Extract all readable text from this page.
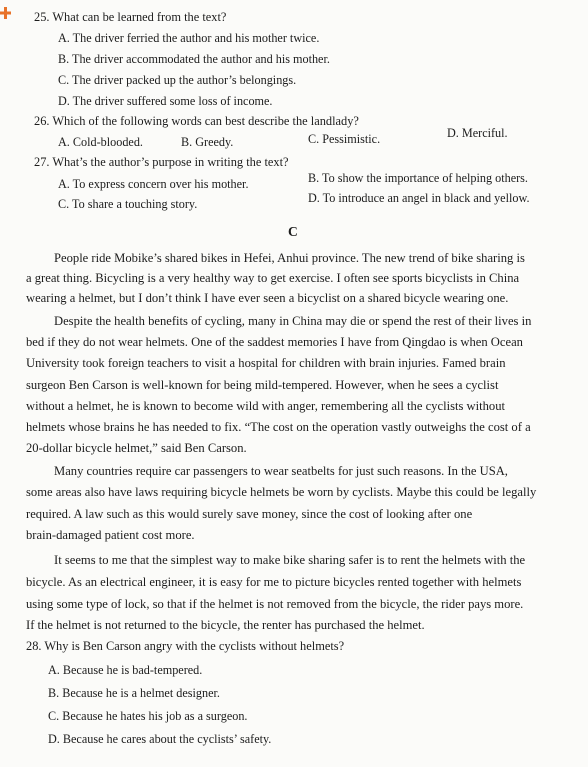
25. What can be learned from the text?
A. The driver ferried the author and his mother twice.
B. The driver accommodated the author and his mother.
C. The driver packed up the author’s belongings.
D. The driver suffered some loss of income.
26. Which of the following words can best describe the landlady?
A. Cold-blooded.	B. Greedy.	C. Pessimistic.	D. Merciful.
27. What’s the author’s purpose in writing the text?
A. To express concern over his mother.	B. To show the importance of helping others.
C. To share a touching story.	D. To introduce an angel in black and yellow.
C
People ride Mobike’s shared bikes in Hefei, Anhui province. The new trend of bike sharing is
a great thing. Bicycling is a very healthy way to get exercise. I often see sports bicyclists in China
wearing a helmet, but I don’t think I have ever seen a bicyclist on a shared bicycle wearing one.
Despite the health benefits of cycling, many in China may die or spend the rest of their lives in
bed if they do not wear helmets. One of the saddest memories I have from Qingdao is when Ocean
University took foreign teachers to visit a hospital for children with brain injuries. Famed brain
surgeon Ben Carson is well-known for being mild-tempered. However, when he sees a cyclist
without a helmet, he is known to become wild with anger, remembering all the cyclists without
helmets whose brains he has needed to fix. “The cost on the operation vastly outweighs the cost of a
20-dollar bicycle helmet,” said Ben Carson.
Many countries require car passengers to wear seatbelts for just such reasons. In the USA,
some areas also have laws requiring bicycle helmets be worn by cyclists. Maybe this could be legally
required. A law such as this would surely save money, since the cost of looking after one
brain-damaged patient cost more.
It seems to me that the simplest way to make bike sharing safer is to rent the helmets with the
bicycle. As an electrical engineer, it is easy for me to picture bicycles rented together with helmets
using some type of lock, so that if the helmet is not removed from the bicycle, the rider pays more.
If the helmet is not returned to the bicycle, the renter has purchased the helmet.
28. Why is Ben Carson angry with the cyclists without helmets?
A. Because he is bad-tempered.
B. Because he is a helmet designer.
C. Because he hates his job as a surgeon.
D. Because he cares about the cyclists’ safety.
